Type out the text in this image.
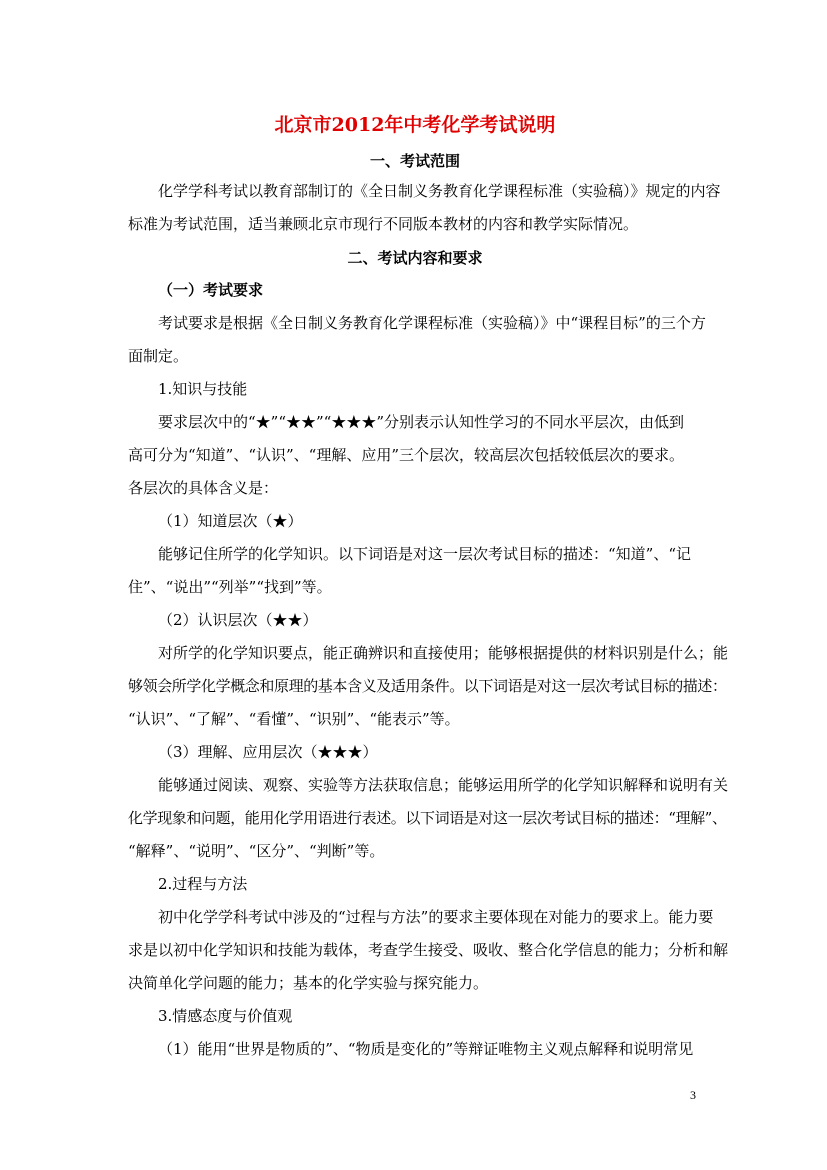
北京市2012年中考化学考试说明
一、考试范围
化学学科考试以教育部制订的《全日制义务教育化学课程标准（实验稿）》规定的内容
标准为考试范围，适当兼顾北京市现行不同版本教材的内容和教学实际情况。
二、考试内容和要求
（一）考试要求
考试要求是根据《全日制义务教育化学课程标准（实验稿）》中“课程目标”的三个方
面制定。
1.知识与技能
要求层次中的“★”“★★”“★★★”分别表示认知性学习的不同水平层次，由低到
高可分为“知道”、“认识”、“理解、应用”三个层次，较高层次包括较低层次的要求。
各层次的具体含义是：
（1）知道层次（★）
能够记住所学的化学知识。以下词语是对这一层次考试目标的描述：“知道”、“记
住”、“说出”“列举”“找到”等。
（2）认识层次（★★）
对所学的化学知识要点，能正确辨识和直接使用；能够根据提供的材料识别是什么；能
够领会所学化学概念和原理的基本含义及适用条件。以下词语是对这一层次考试目标的描述：
“认识”、“了解”、“看懂”、“识别”、“能表示”等。
（3）理解、应用层次（★★★）
能够通过阅读、观察、实验等方法获取信息；能够运用所学的化学知识解释和说明有关
化学现象和问题，能用化学用语进行表述。以下词语是对这一层次考试目标的描述：“理解”、
“解释”、“说明”、“区分”、“判断”等。
2.过程与方法
初中化学学科考试中涉及的“过程与方法”的要求主要体现在对能力的要求上。能力要
求是以初中化学知识和技能为载体，考查学生接受、吸收、整合化学信息的能力；分析和解
决简单化学问题的能力；基本的化学实验与探究能力。
3.情感态度与价值观
（1）能用“世界是物质的”、“物质是变化的”等辩证唯物主义观点解释和说明常见
3
